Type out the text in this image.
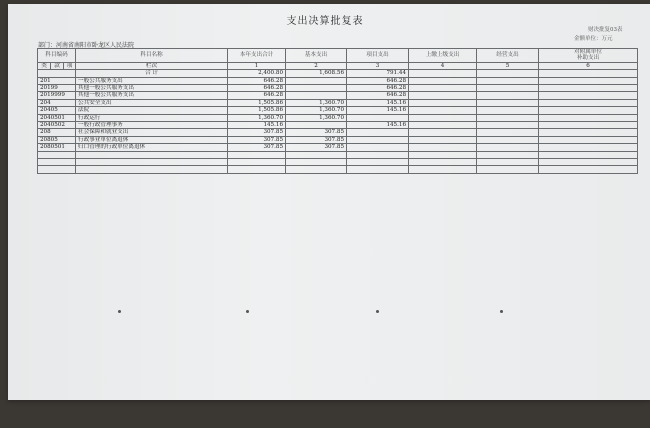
支出决算批复表
财决批复03表
金额单位：万元
部门：河南省南阳市卧龙区人民法院
科目编码			科目名称	本年支出合计	基本支出	项目支出	上缴上级支出	经营支出	对附属单位
补助支出
类	款	项	栏次	1	2	3	4	5	6
			合 计	2,400.80	1,608.56	791.44			
201			一般公共服务支出	646.28		646.28			
20199			其他一般公共服务支出	646.28		646.28			
2019999			其他一般公共服务支出	646.28		646.28			
204			公共安全支出	1,505.86	1,360.70	145.16			
20405			法院	1,505.86	1,360.70	145.16			
2040501			行政运行	1,360.70	1,360.70				
2040502			一般行政管理事务	145.16		145.16			
208			社会保障和就业支出	307.85	307.85				
20805			行政事业单位离退休	307.85	307.85				
2080501			归口管理的行政单位离退休	307.85	307.85				
